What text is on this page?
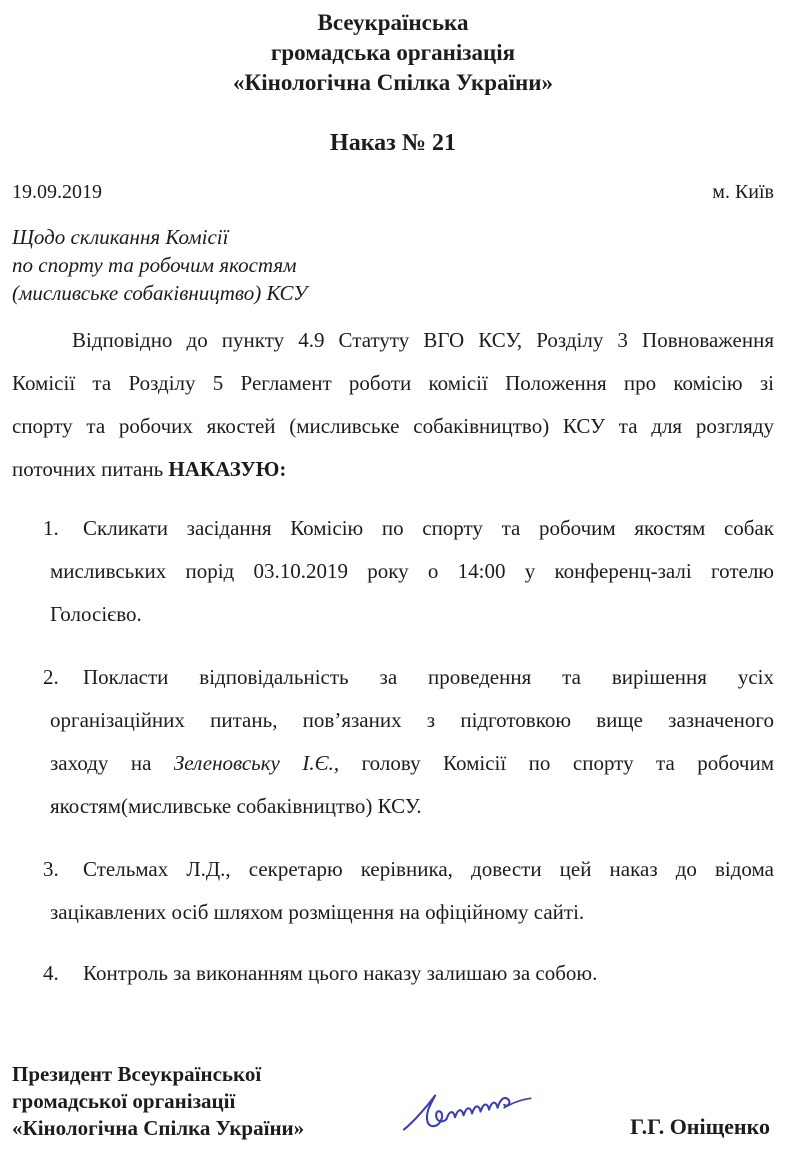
Всеукраїнська
громадська організація
«Кінологічна Спілка України»
Наказ № 21
19.09.2019	м. Київ
Щодо скликання Комісії
по спорту та робочим якостям
(мисливське собаківництво) КСУ
Відповідно до пункту 4.9 Статуту ВГО КСУ, Розділу 3 Повноваження
Комісії та Розділу 5 Регламент роботи комісії Положення про комісію зі
спорту та робочих якостей (мисливське собаківництво) КСУ та для розгляду
поточних питань НАКАЗУЮ:
1.	Скликати засідання Комісію по спорту та робочим якостям собак
мисливських порід 03.10.2019 року о 14:00 у конференц-залі готелю
Голосієво.
2.	Покласти відповідальність за проведення та вирішення усіх
організаційних питань, пов’язаних з підготовкою вище зазначеного
заходу на Зеленовську І.Є., голову Комісії по спорту та робочим
якостям(мисливське собаківництво) КСУ.
3.	Стельмах Л.Д., секретарю керівника, довести цей наказ до відома
зацікавлених осіб шляхом розміщення на офіційному сайті.
4.	Контроль за виконанням цього наказу залишаю за собою.
Президент Всеукраїнської
громадської організації
«Кінологічна Спілка України»	Г.Г. Оніщенко
